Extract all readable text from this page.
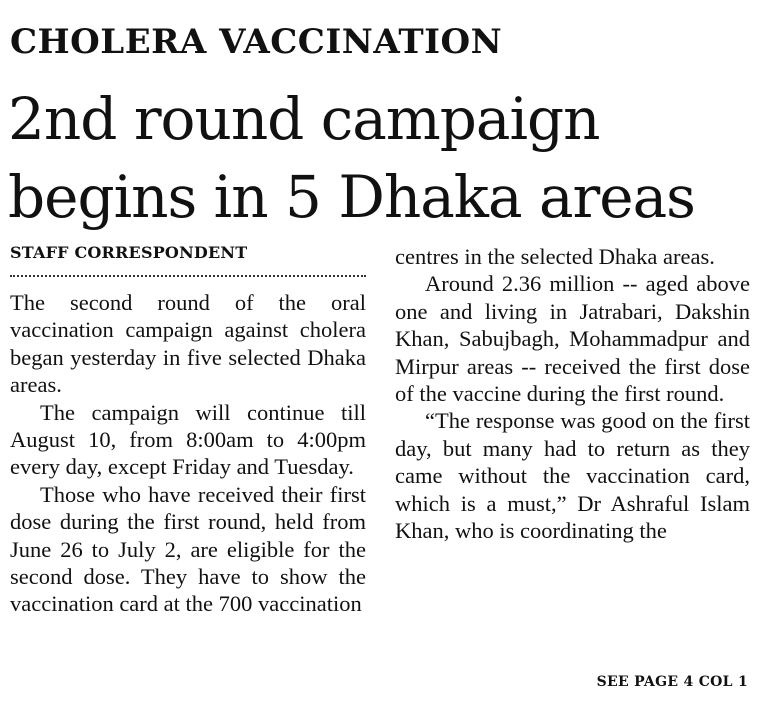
CHOLERA VACCINATION
2nd round campaign
begins in 5 Dhaka areas
STAFF CORRESPONDENT

The second round of the oral vaccination campaign against cholera began yesterday in five selected Dhaka areas.

The campaign will continue till August 10, from 8:00am to 4:00pm every day, except Friday and Tuesday.

Those who have received their first dose during the first round, held from June 26 to July 2, are eligible for the second dose. They have to show the vaccination card at the 700 vaccination

centres in the selected Dhaka areas.

Around 2.36 million -- aged above one and living in Jatrabari, Dakshin Khan, Sabujbagh, Mohammadpur and Mirpur areas -- received the first dose of the vaccine during the first round.

“The response was good on the first day, but many had to return as they came without the vaccination card, which is a must,” Dr Ashraful Islam Khan, who is coordinating the

SEE PAGE 4 COL 1
